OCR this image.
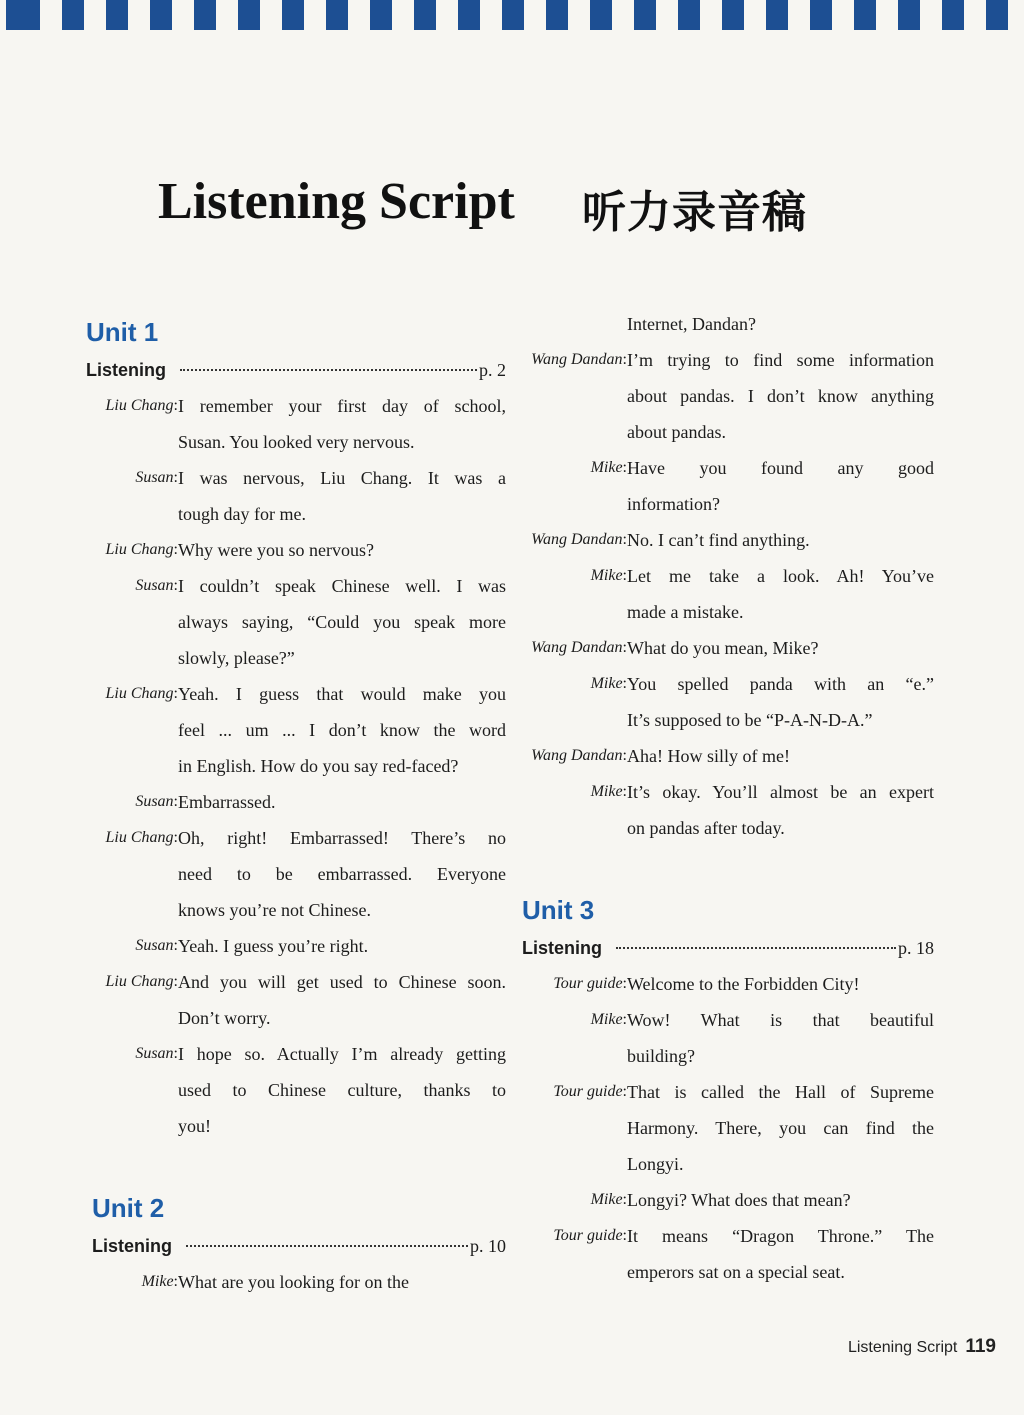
Listening Script 听力录音稿
Unit 1
Listening	p. 2
Liu Chang: I remember your first day of school,
Susan. You looked very nervous.
Susan: I was nervous, Liu Chang. It was a
tough day for me.
Liu Chang: Why were you so nervous?
Susan: I couldn’t speak Chinese well. I was
always saying, “Could you speak more
slowly, please?”
Liu Chang: Yeah. I guess that would make you
feel ... um ... I don’t know the word
in English. How do you say red-faced?
Susan: Embarrassed.
Liu Chang: Oh, right! Embarrassed! There’s no
need to be embarrassed. Everyone
knows you’re not Chinese.
Susan: Yeah. I guess you’re right.
Liu Chang: And you will get used to Chinese soon.
Don’t worry.
Susan: I hope so. Actually I’m already getting
used to Chinese culture, thanks to
you!
Unit 2
Listening	p. 10
Mike: What are you looking for on the
Internet, Dandan?
Wang Dandan: I’m trying to find some information
about pandas. I don’t know anything
about pandas.
Mike: Have you found any good
information?
Wang Dandan: No. I can’t find anything.
Mike: Let me take a look. Ah! You’ve
made a mistake.
Wang Dandan: What do you mean, Mike?
Mike: You spelled panda with an “e.”
It’s supposed to be “P-A-N-D-A.”
Wang Dandan: Aha! How silly of me!
Mike: It’s okay. You’ll almost be an expert
on pandas after today.
Unit 3
Listening	p. 18
Tour guide: Welcome to the Forbidden City!
Mike: Wow! What is that beautiful
building?
Tour guide: That is called the Hall of Supreme
Harmony. There, you can find the
Longyi.
Mike: Longyi? What does that mean?
Tour guide: It means “Dragon Throne.” The
emperors sat on a special seat.
Listening Script 119
